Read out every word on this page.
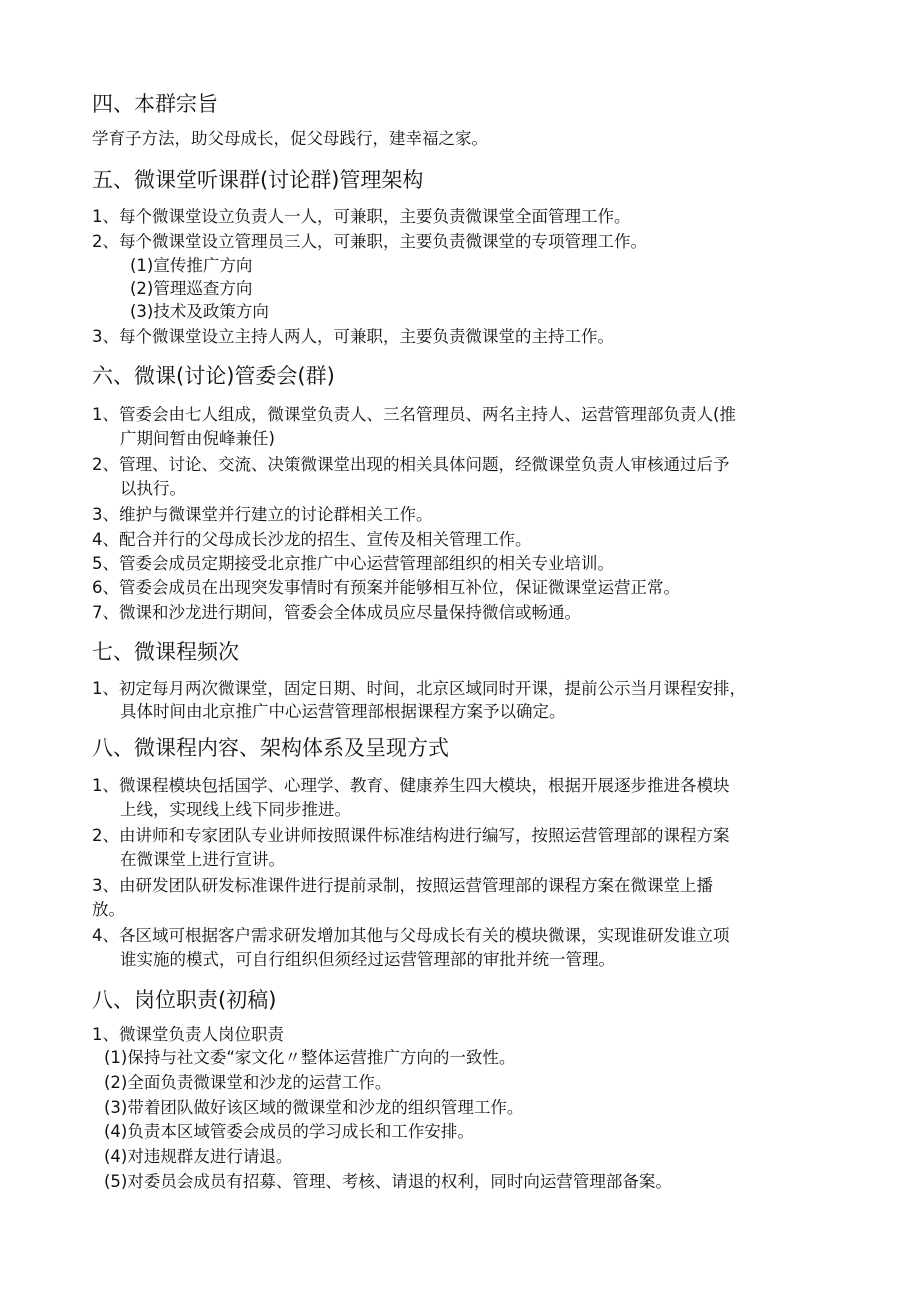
四、本群宗旨
学育子方法，助父母成长，促父母践行，建幸福之家。
五、微课堂听课群(讨论群)管理架构
1、每个微课堂设立负责人一人，可兼职，主要负责微课堂全面管理工作。
2、每个微课堂设立管理员三人，可兼职，主要负责微课堂的专项管理工作。
(1)宣传推广方向
(2)管理巡查方向
(3)技术及政策方向
3、每个微课堂设立主持人两人，可兼职，主要负责微课堂的主持工作。
六、微课(讨论)管委会(群)
1、管委会由七人组成，微课堂负责人、三名管理员、两名主持人、运营管理部负责人(推
广期间暂由倪峰兼任)
2、管理、讨论、交流、决策微课堂出现的相关具体问题，经微课堂负责人审核通过后予
以执行。
3、维护与微课堂并行建立的讨论群相关工作。
4、配合并行的父母成长沙龙的招生、宣传及相关管理工作。
5、管委会成员定期接受北京推广中心运营管理部组织的相关专业培训。
6、管委会成员在出现突发事情时有预案并能够相互补位，保证微课堂运营正常。
7、微课和沙龙进行期间，管委会全体成员应尽量保持微信或畅通。
七、微课程频次
1、初定每月两次微课堂，固定日期、时间，北京区域同时开课，提前公示当月课程安排，
具体时间由北京推广中心运营管理部根据课程方案予以确定。
八、微课程内容、架构体系及呈现方式
1、微课程模块包括国学、心理学、教育、健康养生四大模块，根据开展逐步推进各模块
上线，实现线上线下同步推进。
2、由讲师和专家团队专业讲师按照课件标准结构进行编写，按照运营管理部的课程方案
在微课堂上进行宣讲。
3、由研发团队研发标准课件进行提前录制，按照运营管理部的课程方案在微课堂上播
放。
4、各区域可根据客户需求研发增加其他与父母成长有关的模块微课，实现谁研发谁立项
谁实施的模式，可自行组织但须经过运营管理部的审批并统一管理。
八、岗位职责(初稿)
1、微课堂负责人岗位职责
(1)保持与社文委“家文化〃整体运营推广方向的一致性。
(2)全面负责微课堂和沙龙的运营工作。
(3)带着团队做好该区域的微课堂和沙龙的组织管理工作。
(4)负责本区域管委会成员的学习成长和工作安排。
(4)对违规群友进行请退。
(5)对委员会成员有招募、管理、考核、请退的权利，同时向运营管理部备案。
